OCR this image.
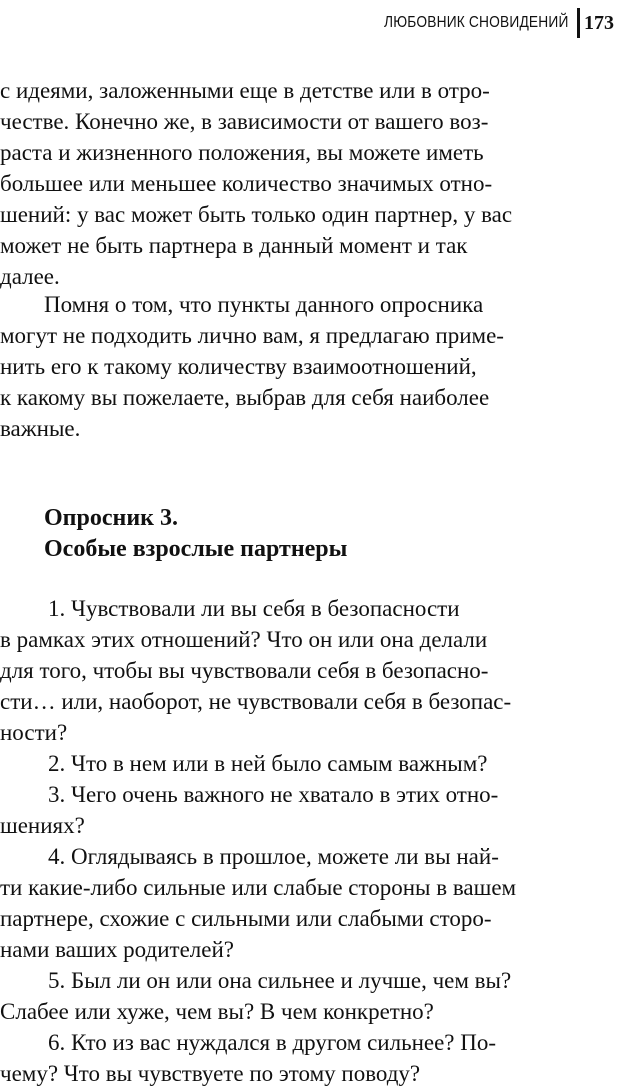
ЛЮБОВНИК СНОВИДЕНИЙ 173
с идеями, заложенными еще в детстве или в отро-
честве. Конечно же, в зависимости от вашего воз-
раста и жизненного положения, вы можете иметь
большее или меньшее количество значимых отно-
шений: у вас может быть только один партнер, у вас
может не быть партнера в данный момент и так
далее.
Помня о том, что пункты данного опросника
могут не подходить лично вам, я предлагаю приме-
нить его к такому количеству взаимоотношений,
к какому вы пожелаете, выбрав для себя наиболее
важные.
Опросник 3.
Особые взрослые партнеры
1. Чувствовали ли вы себя в безопасности
в рамках этих отношений? Что он или она делали
для того, чтобы вы чувствовали себя в безопасно-
сти… или, наоборот, не чувствовали себя в безопас-
ности?
2. Что в нем или в ней было самым важным?
3. Чего очень важного не хватало в этих отно-
шениях?
4. Оглядываясь в прошлое, можете ли вы най-
ти какие-либо сильные или слабые стороны в вашем
партнере, схожие с сильными или слабыми сторо-
нами ваших родителей?
5. Был ли он или она сильнее и лучше, чем вы?
Слабее или хуже, чем вы? В чем конкретно?
6. Кто из вас нуждался в другом сильнее? По-
чему? Что вы чувствуете по этому поводу?
